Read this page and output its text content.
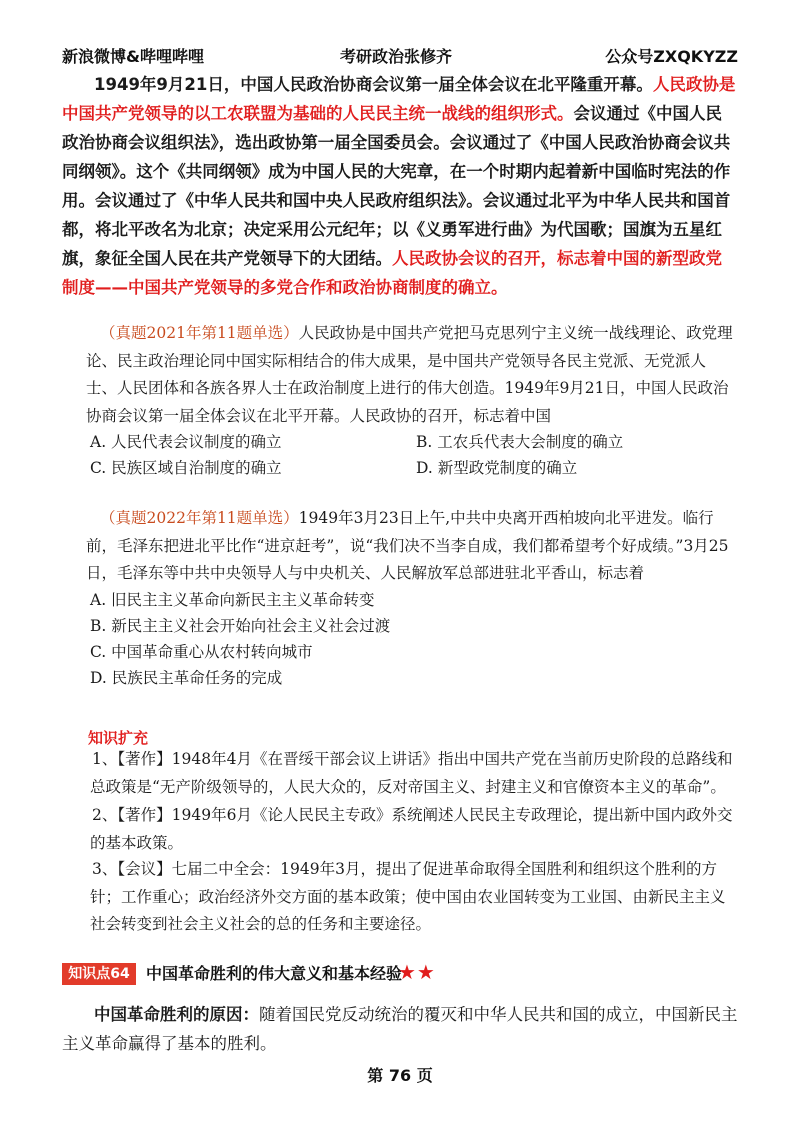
新浪微博&哔哩哔哩	考研政治张修齐	公众号ZXQKYZZ
1949年9月21日，中国人民政治协商会议第一届全体会议在北平隆重开幕。人民政协是中国共产党领导的以工农联盟为基础的人民民主统一战线的组织形式。会议通过《中国人民政治协商会议组织法》，选出政协第一届全国委员会。会议通过了《中国人民政治协商会议共同纲领》。这个《共同纲领》成为中国人民的大宪章，在一个时期内起着新中国临时宪法的作用。会议通过了《中华人民共和国中央人民政府组织法》。会议通过北平为中华人民共和国首都，将北平改名为北京；决定采用公元纪年；以《义勇军进行曲》为代国歌；国旗为五星红旗，象征全国人民在共产党领导下的大团结。人民政协会议的召开，标志着中国的新型政党制度——中国共产党领导的多党合作和政治协商制度的确立。
（真题2021年第11题单选）人民政协是中国共产党把马克思列宁主义统一战线理论、政党理论、民主政治理论同中国实际相结合的伟大成果，是中国共产党领导各民主党派、无党派人士、人民团体和各族各界人士在政治制度上进行的伟大创造。1949年9月21日，中国人民政治协商会议第一届全体会议在北平开幕。人民政协的召开，标志着中国
A. 人民代表会议制度的确立	B. 工农兵代表大会制度的确立
C. 民族区域自治制度的确立	D. 新型政党制度的确立
（真题2022年第11题单选）1949年3月23日上午,中共中央离开西柏坡向北平进发。临行前，毛泽东把进北平比作“进京赶考”，说“我们决不当李自成，我们都希望考个好成绩。”3月25日，毛泽东等中共中央领导人与中央机关、人民解放军总部进驻北平香山，标志着
A. 旧民主主义革命向新民主主义革命转变
B. 新民主主义社会开始向社会主义社会过渡
C. 中国革命重心从农村转向城市
D. 民族民主革命任务的完成
知识扩充
1、【著作】1948年4月《在晋绥干部会议上讲话》指出中国共产党在当前历史阶段的总路线和总政策是“无产阶级领导的，人民大众的，反对帝国主义、封建主义和官僚资本主义的革命”。
2、【著作】1949年6月《论人民民主专政》系统阐述人民民主专政理论，提出新中国内政外交的基本政策。
3、【会议】七届二中全会：1949年3月，提出了促进革命取得全国胜利和组织这个胜利的方针；工作重心；政治经济外交方面的基本政策；使中国由农业国转变为工业国、由新民主主义社会转变到社会主义社会的总的任务和主要途径。
知识点64	中国革命胜利的伟大意义和基本经验
★★
中国革命胜利的原因：随着国民党反动统治的覆灭和中华人民共和国的成立，中国新民主主义革命赢得了基本的胜利。
第 76 页
